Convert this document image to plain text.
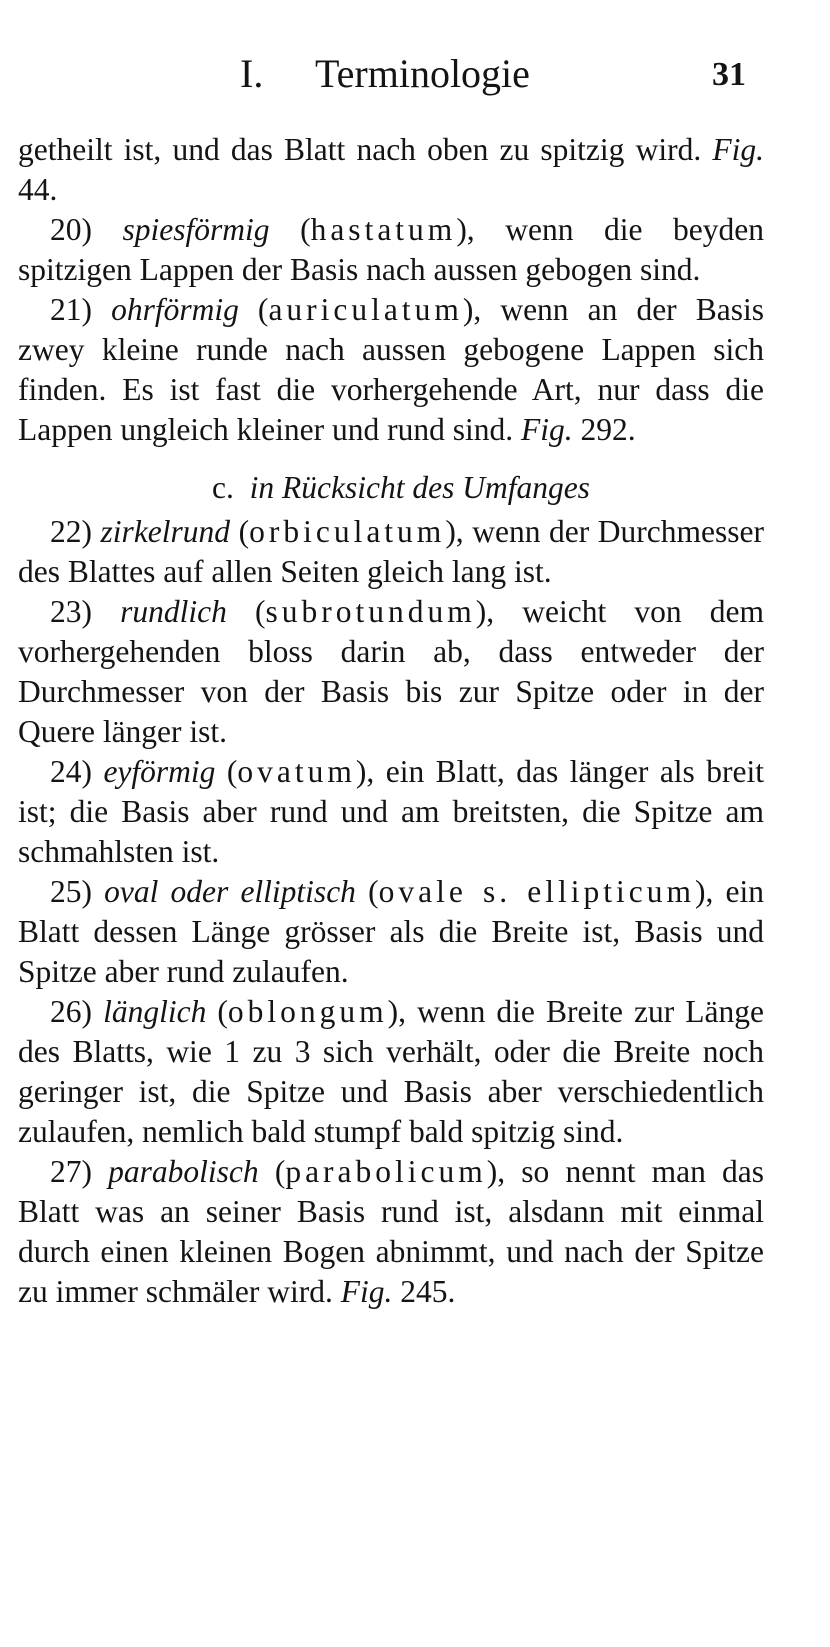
I. Terminologie	31

getheilt ist, und das Blatt nach oben zu spitzig wird. Fig. 44.

20) spiesförmig (hastatum), wenn die beyden spitzigen Lappen der Basis nach aussen gebogen sind.

21) ohrförmig (auriculatum), wenn an der Basis zwey kleine runde nach aussen gebogene Lappen sich finden. Es ist fast die vorhergehende Art, nur dass die Lappen ungleich kleiner und rund sind. Fig. 292.

c. in Rücksicht des Umfanges

22) zirkelrund (orbiculatum), wenn der Durchmesser des Blattes auf allen Seiten gleich lang ist.

23) rundlich (subrotundum), weicht von dem vorhergehenden bloss darin ab, dass entweder der Durchmesser von der Basis bis zur Spitze oder in der Quere länger ist.

24) eyförmig (ovatum), ein Blatt, das länger als breit ist; die Basis aber rund und am breitsten, die Spitze am schmahlsten ist.

25) oval oder elliptisch (ovale s. ellipticum), ein Blatt dessen Länge grösser als die Breite ist, Basis und Spitze aber rund zulaufen.

26) länglich (oblongum), wenn die Breite zur Länge des Blatts, wie 1 zu 3 sich verhält, oder die Breite noch geringer ist, die Spitze und Basis aber verschiedentlich zulaufen, nemlich bald stumpf bald spitzig sind.

27) parabolisch (parabolicum), so nennt man das Blatt was an seiner Basis rund ist, alsdann mit einmal durch einen kleinen Bogen abnimmt, und nach der Spitze zu immer schmäler wird. Fig. 245.
